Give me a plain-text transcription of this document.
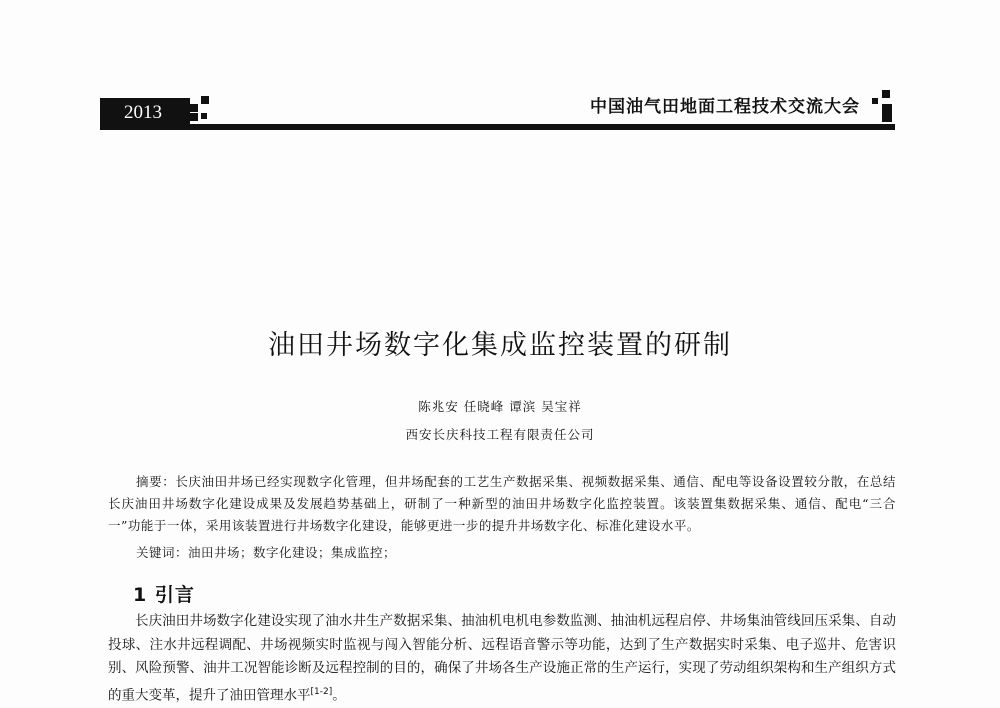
2013	中国油气田地面工程技术交流大会
油田井场数字化集成监控装置的研制
陈兆安 任晓峰 谭滨 吴宝祥
西安长庆科技工程有限责任公司

摘要：长庆油田井场已经实现数字化管理，但井场配套的工艺生产数据采集、视频数据采集、通信、配电等设备设置较分散，在总结长庆油田井场数字化建设成果及发展趋势基础上，研制了一种新型的油田井场数字化监控装置。该装置集数据采集、通信、配电“三合一”功能于一体，采用该装置进行井场数字化建设，能够更进一步的提升井场数字化、标准化建设水平。

关键词：油田井场；数字化建设；集成监控；
1 引言

长庆油田井场数字化建设实现了油水井生产数据采集、抽油机电机电参数监测、抽油机远程启停、井场集油管线回压采集、自动投球、注水井远程调配、井场视频实时监视与闯入智能分析、远程语音警示等功能，达到了生产数据实时采集、电子巡井、危害识别、风险预警、油井工况智能诊断及远程控制的目的，确保了井场各生产设施正常的生产运行，实现了劳动组织架构和生产组织方式的重大变革，提升了油田管理水平[1-2]。
